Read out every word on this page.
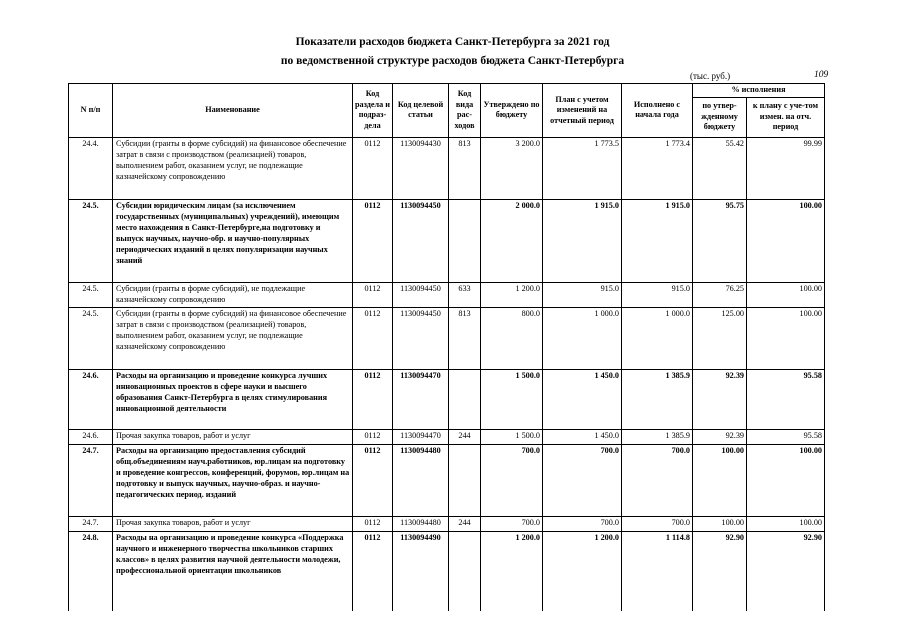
Показатели расходов бюджета Санкт-Петербурга за 2021 год
по ведомственной структуре расходов бюджета Санкт-Петербурга
(тыс. руб.)	109
N п/п	Наименование	Код раздела и подраз-дела	Код целевой статьи	Код вида рас-ходов	Утверждено по бюджету	План с учетом изменений на отчетный период	Исполнено с начала года	% исполнения	
								по утвер-жденному бюджету	к плану с уче-том измен. на отч. период
24.4.	Субсидии (гранты в форме субсидий) на финансовое обеспечение затрат в связи с производством (реализацией) товаров, выполнением работ, оказанием услуг, не подлежащие казначейскому сопровождению	0112	1130094430	813	3 200.0	1 773.5	1 773.4	55.42	99.99
24.5.	Субсидии юридическим лицам (за исключением государственных (муниципальных) учреждений), имеющим место нахождения в Санкт-Петербурге,на подготовку и выпуск научных, научно-обр. и научно-популярных периодических изданий в целях популяризации научных знаний	0112	1130094450		2 000.0	1 915.0	1 915.0	95.75	100.00
24.5.	Субсидии (гранты в форме субсидий), не подлежащие казначейскому сопровождению	0112	1130094450	633	1 200.0	915.0	915.0	76.25	100.00
24.5.	Субсидии (гранты в форме субсидий) на финансовое обеспечение затрат в связи с производством (реализацией) товаров, выполнением работ, оказанием услуг, не подлежащие казначейскому сопровождению	0112	1130094450	813	800.0	1 000.0	1 000.0	125.00	100.00
24.6.	Расходы на организацию и проведение конкурса лучших инновационных проектов в сфере науки и высшего образования Санкт-Петербурга в целях стимулирования инновационной деятельности	0112	1130094470		1 500.0	1 450.0	1 385.9	92.39	95.58
24.6.	Прочая закупка товаров, работ и услуг	0112	1130094470	244	1 500.0	1 450.0	1 385.9	92.39	95.58
24.7.	Расходы на организацию предоставления субсидий общ.объединениям науч.работников, юр.лицам на подготовку и проведение конгрессов, конференций, форумов, юр.лицам на подготовку и выпуск научных, научно-образ. и научно-педагогических период. изданий	0112	1130094480		700.0	700.0	700.0	100.00	100.00
24.7.	Прочая закупка товаров, работ и услуг	0112	1130094480	244	700.0	700.0	700.0	100.00	100.00
24.8.	Расходы на организацию и проведение конкурса «Поддержка научного и инженерного творчества школьников старших классов» в целях развития научной деятельности молодежи, профессиональной ориентации школьников	0112	1130094490		1 200.0	1 200.0	1 114.8	92.90	92.90
